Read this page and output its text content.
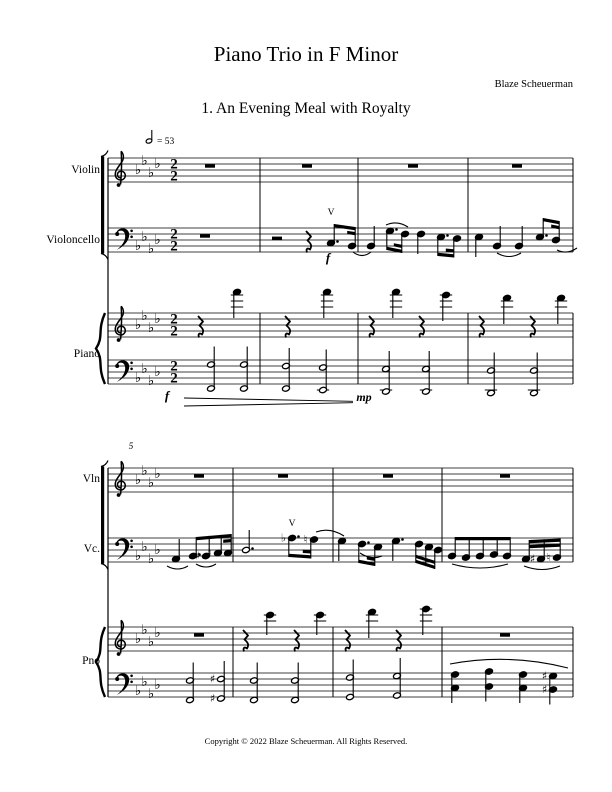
Piano Trio in F Minor
Blaze Scheuerman
1. An Evening Meal with Royalty
= 53
♭
♭
♭
♭ 2
2
♭
♭
♭
♭ 2
2
V
f
♭
♭
♭
♭ 2
2
♭
♭
♭
♭ 2
2
f	mp
5
♭
♭
♭
♭
♭
♭
♭
♭	♯ ♮
♭ ♮
♯ ♮
V
♭
♭
♭
♭
♭
♭
♭
♭	♯
♯
♯
♯
Violin
Violoncello
Piano
Vln
Vc.
Pno
Copyright © 2022 Blaze Scheuerman. All Rights Reserved.
